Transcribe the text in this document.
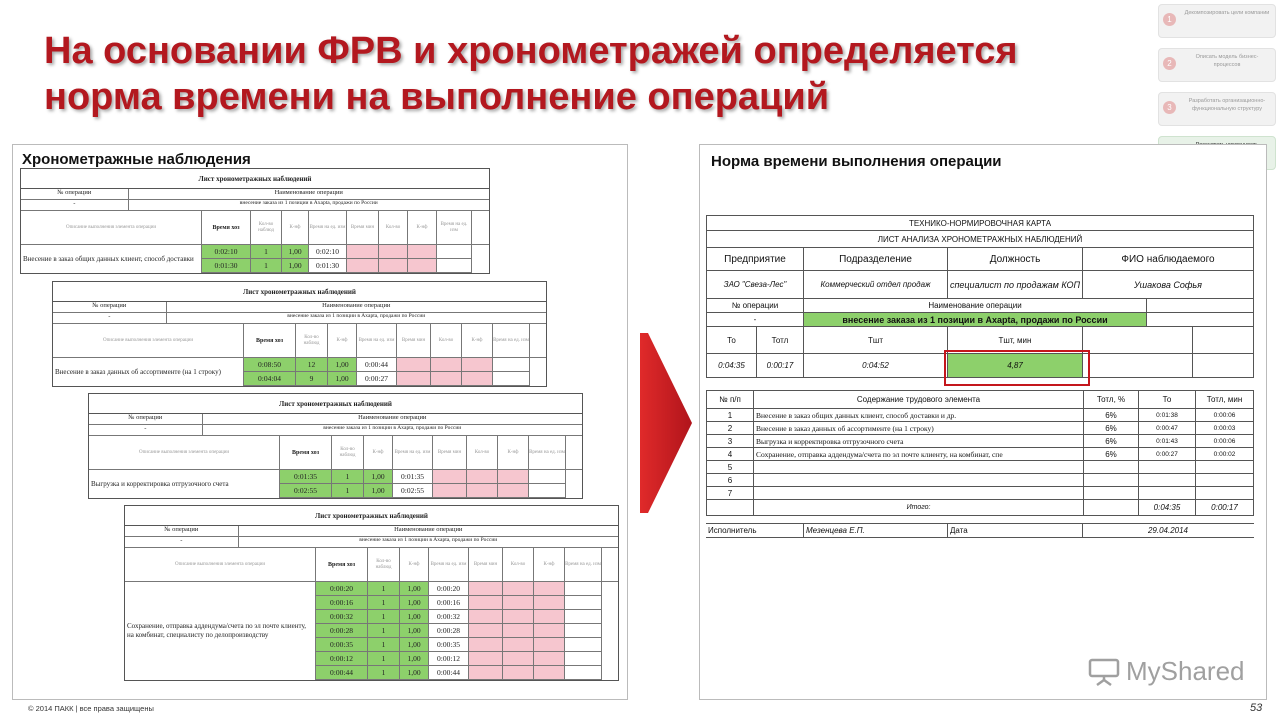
На основании ФРВ и хронометражей определяется
норма времени на выполнение операций
1
Декомпозировать цели компании
2
Описать модель бизнес-процессов
3
Разработать организационно-функциональную структуру
Хронометражные наблюдения
Лист хронометражных наблюдений
№ операции	Наименование операции
-	внесение заказа из 1 позиции в Axapta, продажи по России
Описание выполнения элемента операции	Время хоз
Кол-во наблюд
К-нф	Время на ед. изм	Время мин	Кол-во	К-нф
Время на ед. изм
Внесение в заказ общих данных клиент, способ доставки
0:02:10	1	1,00	0:02:10
0:01:30	1	1,00	0:01:30
Лист хронометражных наблюдений
№ операции	Наименование операции
-	внесение заказа из 1 позиции в Axapta, продажи по России
Описание выполнения элемента операции	Время хоз
Кол-во наблюд
К-нф	Время на ед. изм	Время мин	Кол-во	К-нф	Время на ед. изм
Внесение в заказ данных об ассортименте (на 1 строку)
0:08:50	12	1,00	0:00:44
0:04:04	9	1,00	0:00:27
Лист хронометражных наблюдений
№ операции	Наименование операции
-	внесение заказа из 1 позиции в Axapta, продажи по России
Описание выполнения элемента операции	Время хоз
Кол-во наблюд
К-нф	Время на ед. изм	Время мин	Кол-во	К-нф	Время на ед. изм
Выгрузка и корректировка отгрузочного счета
0:01:35	1	1,00	0:01:35
0:02:55	1	1,00	0:02:55
Лист хронометражных наблюдений
№ операции	Наименование операции
-	внесение заказа из 1 позиции в Axapta, продажи по России
Описание выполнения элемента операции	Время хоз
Кол-во наблюд
К-нф	Время на ед. изм	Время мин	Кол-во	К-нф	Время на ед. изм
Сохранение, отправка аддендума/счета по эл почте клиенту, на комбинат, специалисту по делопроизводству
0:00:20	1	1,00	0:00:20
0:00:16	1	1,00	0:00:16
0:00:32	1	1,00	0:00:32
0:00:28	1	1,00	0:00:28
0:00:35	1	1,00	0:00:35
0:00:12	1	1,00	0:00:12
0:00:44	1	1,00	0:00:44
Норма времени выполнения операции
ТЕХНИКО-НОРМИРОВОЧНАЯ КАРТА
ЛИСТ АНАЛИЗА ХРОНОМЕТРАЖНЫХ НАБЛЮДЕНИЙ
Предприятие	Подразделение	Должность	ФИО наблюдаемого
ЗАО "Свеза-Лес"	Коммерческий отдел продаж	специалист по продажам КОП	Ушакова Софья
№ операции	Наименование операции
-	внесение заказа из 1 позиции в Axapta, продажи по России
То	Тотл	Тшт	Тшт, мин
0:04:35	0:00:17	0:04:52	4,87
№ п/п	Содержание трудового элемента	Тотл, %	То	Тотл, мин
1	Внесение в заказ общих данных клиент, способ доставки и др.	6%	0:01:38	0:00:06
2	Внесение в заказ данных об ассортименте (на 1 строку)	6%	0:00:47	0:00:03
3	Выгрузка и корректировка отгрузочного счета	6%	0:01:43	0:00:06
4	Сохранение, отправка аддендума/счета по эл почте клиенту, на комбинат, спе	6%	0:00:27	0:00:02
5
6
7
Итого:	0:04:35	0:00:17
Исполнитель	Мезенцева Е.П.	Дата	29.04.2014
MyShared
© 2014 ПАКК | все права защищены	53
